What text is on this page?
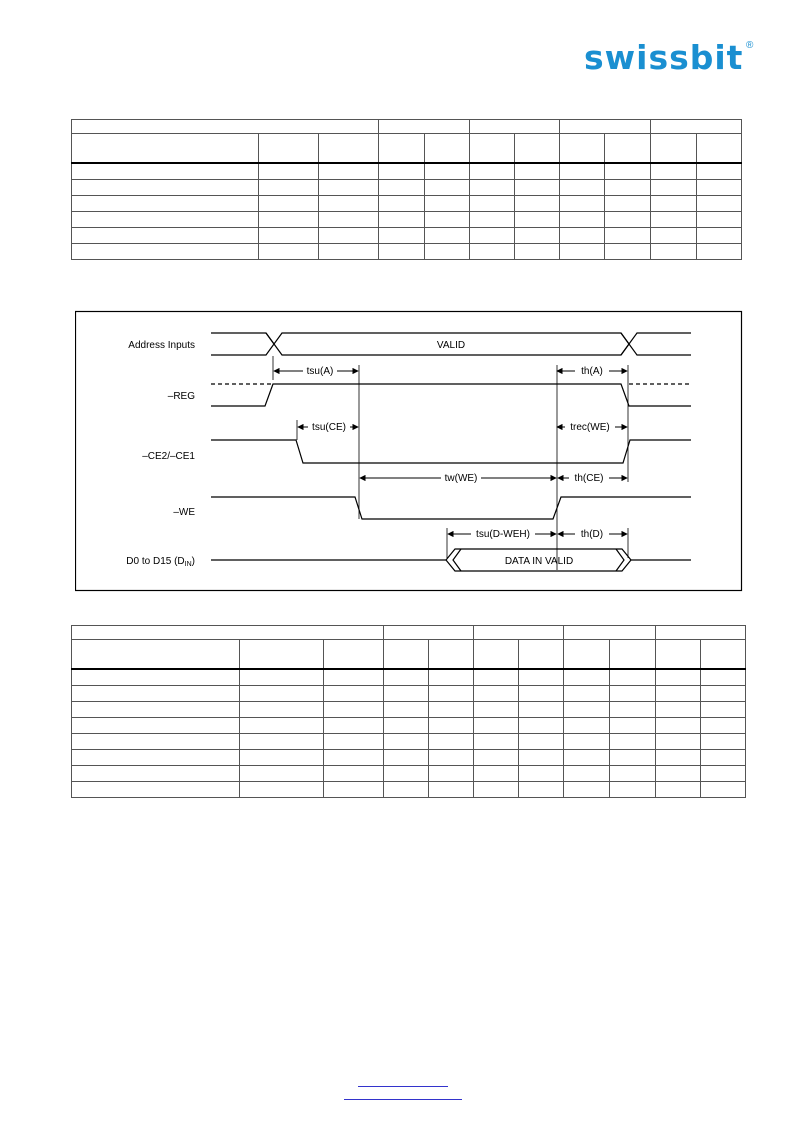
swissbit ®

Address Inputs
–REG
–CE2/–CE1
–WE
D0 to D15 $(D_{IN})$
VALID
DATA IN VALID
tsu(A)	th(A)
tsu(CE)	trec(WE)
tw(WE)	th(CE)
tsu(D-WEH)	th(D)
